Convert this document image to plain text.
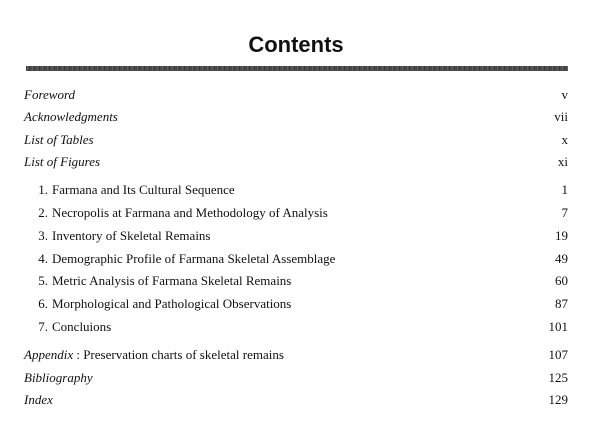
Contents
Foreword	v
Acknowledgments	vii
List of Tables	x
List of Figures	xi
1. Farmana and Its Cultural Sequence	1
2. Necropolis at Farmana and Methodology of Analysis	7
3. Inventory of Skeletal Remains	19
4. Demographic Profile of Farmana Skeletal Assemblage	49
5. Metric Analysis of Farmana Skeletal Remains	60
6. Morphological and Pathological Observations	87
7. Concluions	101
Appendix : Preservation charts of skeletal remains	107
Bibliography	125
Index	129
